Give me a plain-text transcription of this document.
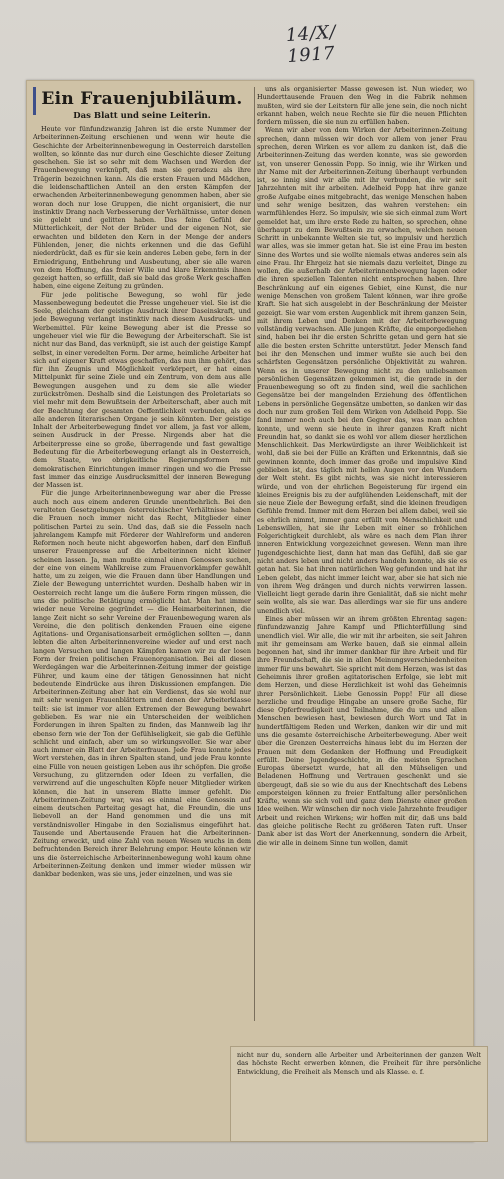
14/X/ 1917
Ein Frauenjubiläum.
Das Blatt und seine Leiterin.

Heute vor fünfundzwanzig Jahren ist die erste Nummer der Arbeiterinnen-Zeitung erschienen und wenn wir heute die Geschichte der Arbeiterinnenbewegung in Oesterreich darstellen wollten, so könnte das nur durch eine Geschichte dieser Zeitung geschehen. Sie ist so sehr mit dem Wachsen und Werden der Frauenbewegung verknüpft, daß man sie geradezu als ihre Trägerin bezeichnen kann. Als die ersten Frauen und Mädchen, die leidenschaftlichen Anteil an den ersten Kämpfen der erwachenden Arbeiterinnenbewegung genommen haben, aber sie woran doch nur lose Gruppen, die nicht organisiert, die nur instinktiv Drang nach Verbesserung der Verhältnisse, unter denen sie gelebt und gelitten haben. Das feine Gefühl der Mütterlichkeit, der Not der Brüder und der eigenen Not, sie erwachten und bildeten den Kern in der Menge der anders Fühlenden, jener, die nichts erkennen und die das Gefühl niederdrückt, daß es für sie kein anderes Leben gebe, fern in der Erniedrigung, Entbehrung und Ausbeutung, aber sie alle waren von dem Hoffnung, das freier Wille und klare Erkenntnis ihnen gezeigt hatten, so erfüllt, daß sie bald das große Werk geschaffen haben, eine eigene Zeitung zu gründen.

Für jede politische Bewegung, so wohl für jede Massenbewegung bedeutet die Presse ungeheuer viel. Sie ist die Seele, gleichsam der geistige Ausdruck ihrer Daseinskraft, und jede Bewegung verlangt instinktiv nach diesem Ausdrucks- und Werbemittel. Für keine Bewegung aber ist die Presse so ungeheuer viel wie für die Bewegung der Arbeiterschaft. Sie ist nicht nur das Band, das verknüpft, sie ist auch der geistige Kampf selbst, in einer veredelten Form. Der arme, heimliche Arbeiter hat sich auf eigener Kraft etwas geschaffen, das nun ihm gehört, das für ihn Zeugnis und Möglichkeit verkörpert, er hat einen Mittelpunkt für seine Ziele und ein Zentrum, von dem aus alle Bewegungen ausgehen und zu dem sie alle wieder zurückströmen. Deshalb sind die Leistungen des Proletariats so viel mehr mit dem Bewußtsein der Arbeiterschaft, aber auch mit der Beachtung der gesamten Oeffentlichkeit verbunden, als es alle anderen literarischen Organe je sein könnten. Der geistige Inhalt der Arbeiterbewegung findet vor allem, ja fast vor allem, seinen Ausdruck in der Presse. Nirgends aber hat die Arbeiterpresse eine so große, überragende und fast gewaltige Bedeutung für die Arbeiterbewegung erlangt als in Oesterreich, dem Staate, wo obrigkeitliche Regierungsformen mit demokratischen Einrichtungen immer ringen und wo die Presse fast immer das einzige Ausdrucksmittel der inneren Bewegung der Massen ist.

Für die junge Arbeiterinnenbewegung war aber die Presse auch noch aus einem anderen Grunde unentbehrlich. Bei den veralteten Gesetzgebungen österreichischer Verhältnisse haben die Frauen noch immer nicht das Recht, Mitglieder einer politischen Partei zu sein. Und das, daß sie die Fesseln nach jahrelangem Kampfe mit Förderer der Wahlreform und anderen Reformen noch heute nicht abgeworfen haben, darf den Einfluß unserer Frauenpresse auf die Arbeiterinnen nicht kleiner scheinen lassen. Ja, man mußte einmal einen Genossen suchen, der eine von einem Wahlkreise zum Frauenvorkämpfer gewählt hatte, um zu zeigen, wie die Frauen dann über Handlungen und Ziele der Bewegung unterrichtet wurden. Deshalb haben wir in Oesterreich recht lange um die äußere Form ringen müssen, die uns die politische Betätigung ermöglicht hat. Man hat immer wieder neue Vereine gegründet — die Heimarbeiterinnen, die lange Zeit nicht so sehr Vereine der Frauenbewegung waren als Vereine, die den politisch denkenden Frauen eine eigene Agitations- und Organisationsarbeit ermöglichen sollten —, dann lebten die alten Arbeiterinnenvereine wieder auf und erst nach langen Versuchen und langen Kämpfen kamen wir zu der losen Form der freien politischen Frauenorganisation. Bei all diesen Werdegängen war die Arbeiterinnen-Zeitung immer der geistige Führer, und kaum eine der tätigen Genossinnen hat nicht bedeutende Eindrücke aus ihren Diskussionen empfangen. Die Arbeiterinnen-Zeitung aber hat ein Verdienst, das sie wohl nur mit sehr wenigen Frauenblättern und denen der Arbeiterklasse teilt: sie ist immer vor allen Extremen der Bewegung bewahrt geblieben. Es war nie ein Unterscheiden der weiblichen Forderungen in ihren Spalten zu finden, das Mannweib lag ihr ebenso fern wie der Ton der Gefühlseligkeit, sie gab die Gefühle schlicht und einfach, aber um so wirkungsvoller. Sie war aber auch immer ein Blatt der Arbeiterfrauen. Jede Frau konnte jedes Wort verstehen, das in ihren Spalten stand, und jede Frau konnte eine Fülle von neuen geistigen Leben aus ihr schöpfen. Die große Versuchung, zu glitzernden oder Ideen zu verfallen, die verwirrend auf die ungeschulten Köpfe neuer Mitglieder wirken können, die hat in unserem Blatte immer gefehlt. Die Arbeiterinnen-Zeitung war, was es einmal eine Genossin auf einem deutschen Parteitag gesagt hat, die Freundin, die uns liebevoll an der Hand genommen und die uns mit verständnisvoller Hingabe in den Sozialismus eingeführt hat. Tausende und Abertausende Frauen hat die Arbeiterinnen-Zeitung erweckt, und eine Zahl von neuen Wesen wuchs in dem befruchtenden Bereich ihrer Belehrung empor. Heute können wir uns die österreichische Arbeiterinnenbewegung wohl kaum ohne Arbeiterinnen-Zeitung denken und immer wieder müssen wir dankbar bedenken, was sie uns, jeder einzelnen, und was sie

uns als organisierter Masse gewesen ist. Nun wieder, wo Hunderttausende Frauen den Weg in die Fabrik nehmen mußten, wird sie der Leitstern für alle jene sein, die noch nicht erkannt haben, welch neue Rechte sie für die neuen Pflichten fordern müssen, die sie nun zu erfüllen haben.

Wenn wir aber von dem Wirken der Arbeiterinnen-Zeitung sprechen, dann müssen wir doch vor allem von jener Frau sprechen, deren Wirken es vor allem zu danken ist, daß die Arbeiterinnen-Zeitung das werden konnte, was sie geworden ist, von unserer Genossin Popp. So innig, wie ihr Wirken und ihr Name mit der Arbeiterinnen-Zeitung überhaupt verbunden ist, so innig sind wir alle mit ihr verbunden, die wir seit Jahrzehnten mit ihr arbeiten. Adelheid Popp hat ihre ganze große Aufgabe eines mitgebracht, das wenige Menschen haben und sehr wenige besitzen, das wahren verstehen: ein warmfühlendes Herz. So impulsiv, wie sie sich einmal zum Wort gemeldet hat, um ihre erste Rede zu halten, so sprechen, ohne überhaupt zu dem Bewußtsein zu erwachen, welchen neuen Schritt in unbekannte Welten sie tut, so impulsiv und herzlich war alles, was sie immer getan hat. Sie ist eine Frau im besten Sinne des Wortes und sie wollte niemals etwas anderes sein als eine Frau. Ihr Ehrgeiz hat sie niemals dazu verleitet, Dinge zu wollen, die außerhalb der Arbeiterinnenbewegung lagen oder die ihren speziellen Talenten nicht entsprochen haben. Ihre Beschränkung auf ein eigenes Gebiet, eine Kunst, die nur wenige Menschen von großem Talent können, war ihre große Kraft. Sie hat sich ausgelebt in der Beschränkung der Meister gezeigt. Sie war vom ersten Augenblick mit ihrem ganzen Sein, mit ihrem Leben und Denken mit der Arbeiterbewegung vollständig verwachsen. Alle jungen Kräfte, die emporgediehen sind, haben bei ihr die ersten Schritte getan und gern hat sie alle die besten ersten Schritte unterstützt. Jeder Mensch fand bei ihr den Menschen und immer wußte sie auch bei den schärfsten Gegensätzen persönliche Objektivität zu wahren. Wenn es in unserer Bewegung nicht zu den unliebsamen persönlichen Gegensätzen gekommen ist, die gerade in der Frauenbewegung so oft zu finden sind, weil die sachlichen Gegensätze bei der mangelnden Erziehung des öffentlichen Lebens in persönliche Gegensätze umbetten, so danken wir das doch nur zum großen Teil dem Wirken von Adelheid Popp. Sie fand immer noch auch bei den Gegner das, was man achten konnte, und wenn sie heute in ihrer ganzen Kraft nicht Freundin hat, so dankt sie es wohl vor allem dieser herzlichen Menschlichkeit. Das Merkwürdigste an ihrer Weiblichkeit ist wohl, daß sie bei der Fülle an Kräften und Erkenntnis, daß sie gewinnen konnte, doch immer das große und impulsive Kind geblieben ist, das täglich mit hellen Augen vor den Wundern der Welt steht. Es gibt nichts, was sie nicht interessieren würde, und von der ehrlichen Begeisterung für irgend ein kleines Ereignis bis zu der aufglühenden Leidenschaft, mit der sie neue Ziele der Bewegung erfaßt, sind die kleinen freudigen Gefühle fremd. Immer mit dem Herzen bei allem dabei, weil sie es ehrlich nimmt, immer ganz erfüllt vom Menschlichkeit und Lebenswillen, hat sie ihr Leben mit einer so fröhlichen Folgerichtigkeit durchlebt, als wäre es nach dem Plan ihrer inneren Entwicklung vorgezeichnet gewesen. Wenn man ihre Jugendgeschichte liest, dann hat man das Gefühl, daß sie gar nicht anders leben und nicht anders handeln konnte, als sie es getan hat. Sie hat ihren natürlichen Weg gefunden und hat ihr Leben gelebt, das nicht immer leicht war, aber sie hat sich nie von ihrem Weg drängen und durch nichts verwirren lassen. Vielleicht liegt gerade darin ihre Genialität, daß sie nicht mehr sein wollte, als sie war. Das allerdings war sie für uns andere unendlich viel.

Eines aber müssen wir an ihrem größten Ehrentag sagen: fünfundzwanzig Jahre Kampf und Pflichterfüllung sind unendlich viel. Wir alle, die wir mit ihr arbeiten, sie seit Jahren mit ihr gemeinsam am Werke bauen, daß sie einmal allein begonnen hat, sind ihr immer dankbar für ihre Arbeit und für ihre Freundschaft, die sie in allen Meinungsverschiedenheiten immer für uns bewahrt. Sie spricht mit dem Herzen, was ist das Geheimnis ihrer großen agitatorischen Erfolge, sie lebt mit dem Herzen, und diese Herzlichkeit ist wohl das Geheimnis ihrer Persönlichkeit. Liebe Genossin Popp! Für all diese herzliche und freudige Hingabe an unsere große Sache, für diese Opferfreudigkeit und Teilnahme, die du uns und allen Menschen bewiesen hast, bewiesen durch Wort und Tat in hundertfältigem Reden und Werken, danken wir dir und mit uns die gesamte österreichische Arbeiterbewegung. Aber weit über die Grenzen Oesterreichs hinaus lebt du im Herzen der Frauen mit dem Gedanken der Hoffnung und Freudigkeit erfüllt. Deine Jugendgeschichte, in die meisten Sprachen Europas übersetzt wurde, hat all den Mühseligen und Beladenen Hoffnung und Vertrauen geschenkt und sie übergeugt, daß sie so wie du aus der Knechtschaft des Lebens emporsteigen können zu freier Entfaltung aller persönlichen Kräfte, wenn sie sich voll und ganz dem Dienste einer großen Idee weihen. Wir wünschen dir noch viele Jahrzehnte freudiger Arbeit und reichen Wirkens; wir hoffen mit dir, daß uns bald das gleiche politische Recht zu größeren Taten ruft. Unser Dank aber ist das Wort der Anerkennung, sondern die Arbeit, die wir alle in deinem Sinne tun wollen, damit

nicht nur du, sondern alle Arbeiter und Arbeiterinnen der ganzen Welt das höchste Recht erwerben können, die Freiheit für ihre persönliche Entwicklung, die Freiheit als Mensch und als Klasse. e. f.
